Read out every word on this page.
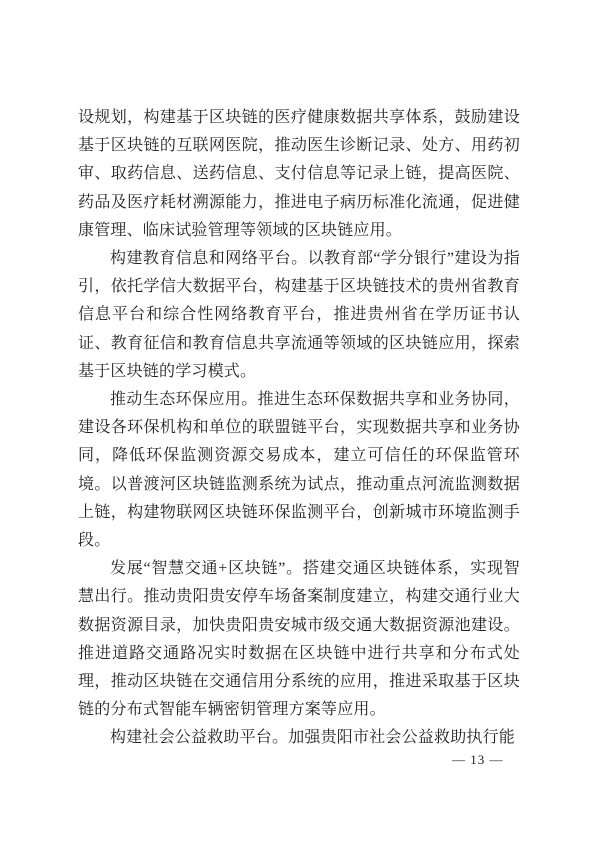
设规划，构建基于区块链的医疗健康数据共享体系，鼓励建设基于区块链的互联网医院，推动医生诊断记录、处方、用药初审、取药信息、送药信息、支付信息等记录上链，提高医院、药品及医疗耗材溯源能力，推进电子病历标准化流通，促进健康管理、临床试验管理等领域的区块链应用。

构建教育信息和网络平台。以教育部“学分银行”建设为指引，依托学信大数据平台，构建基于区块链技术的贵州省教育信息平台和综合性网络教育平台，推进贵州省在学历证书认证、教育征信和教育信息共享流通等领域的区块链应用，探索基于区块链的学习模式。

推动生态环保应用。推进生态环保数据共享和业务协同，建设各环保机构和单位的联盟链平台，实现数据共享和业务协同，降低环保监测资源交易成本，建立可信任的环保监管环境。以普渡河区块链监测系统为试点，推动重点河流监测数据上链，构建物联网区块链环保监测平台，创新城市环境监测手段。

发展“智慧交通+区块链”。搭建交通区块链体系，实现智慧出行。推动贵阳贵安停车场备案制度建立，构建交通行业大数据资源目录，加快贵阳贵安城市级交通大数据资源池建设。推进道路交通路况实时数据在区块链中进行共享和分布式处理，推动区块链在交通信用分系统的应用，推进采取基于区块链的分布式智能车辆密钥管理方案等应用。

构建社会公益救助平台。加强贵阳市社会公益救助执行能

— 13 —
